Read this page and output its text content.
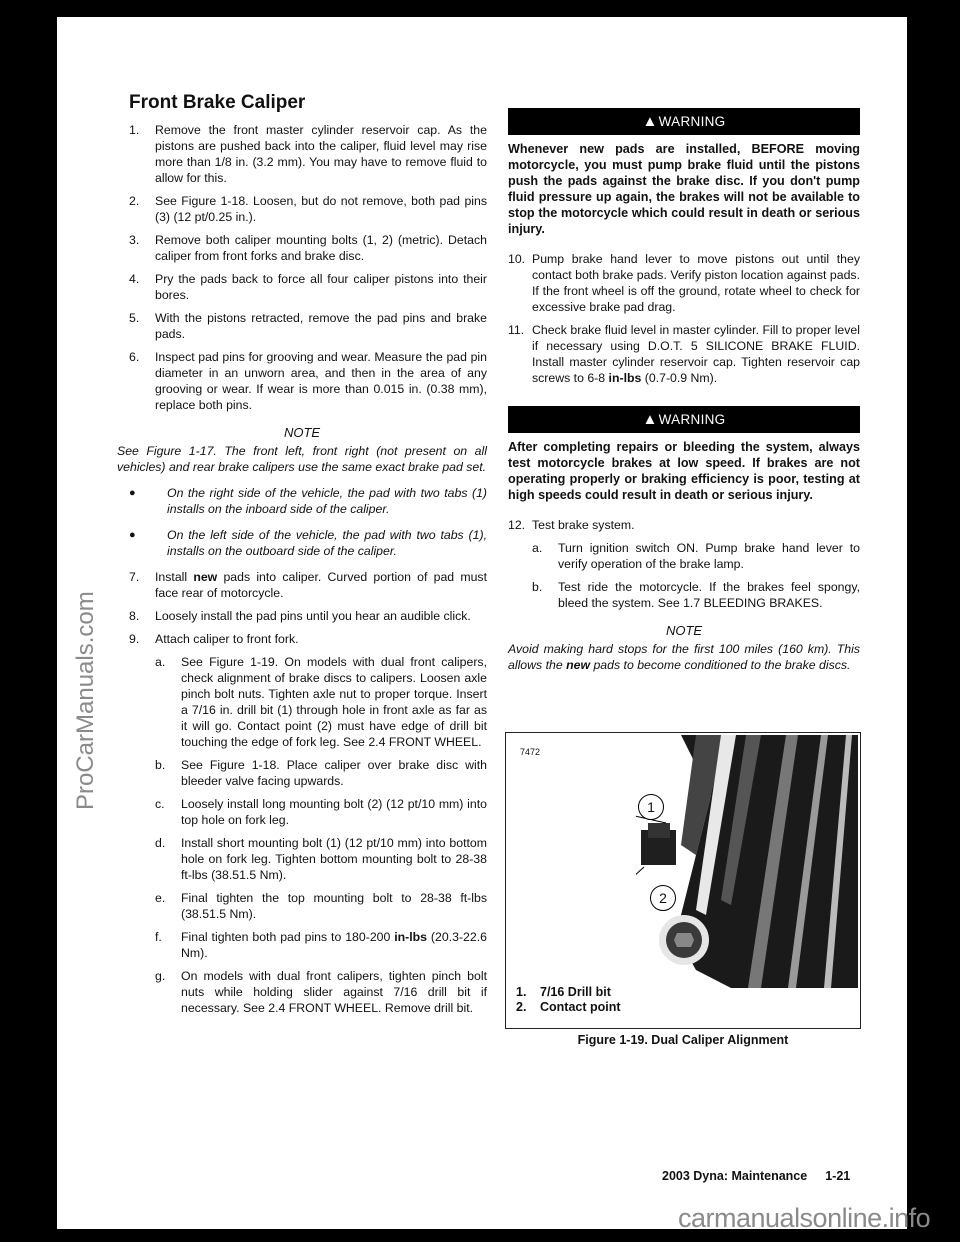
ProCarManuals.com
Front Brake Caliper
1.	Remove the front master cylinder reservoir cap. As the pistons are pushed back into the caliper, fluid level may rise more than 1/8 in. (3.2 mm). You may have to remove fluid to allow for this.
2.	See Figure 1-18. Loosen, but do not remove, both pad pins (3) (12 pt/0.25 in.).
3.	Remove both caliper mounting bolts (1, 2) (metric). Detach caliper from front forks and brake disc.
4.	Pry the pads back to force all four caliper pistons into their bores.
5.	With the pistons retracted, remove the pad pins and brake pads.
6.	Inspect pad pins for grooving and wear. Measure the pad pin diameter in an unworn area, and then in the area of any grooving or wear. If wear is more than 0.015 in. (0.38 mm), replace both pins.
NOTE
See Figure 1-17. The front left, front right (not present on all vehicles) and rear brake calipers use the same exact brake pad set.
●	On the right side of the vehicle, the pad with two tabs (1) installs on the inboard side of the caliper.
●	On the left side of the vehicle, the pad with two tabs (1), installs on the outboard side of the caliper.
7.	Install new pads into caliper. Curved portion of pad must face rear of motorcycle.
8.	Loosely install the pad pins until you hear an audible click.
9.	Attach caliper to front fork.
a.	See Figure 1-19. On models with dual front calipers, check alignment of brake discs to calipers. Loosen axle pinch bolt nuts. Tighten axle nut to proper torque. Insert a 7/16 in. drill bit (1) through hole in front axle as far as it will go. Contact point (2) must have edge of drill bit touching the edge of fork leg. See 2.4 FRONT WHEEL.
b.	See Figure 1-18. Place caliper over brake disc with bleeder valve facing upwards.
c.	Loosely install long mounting bolt (2) (12 pt/10 mm) into top hole on fork leg.
d.	Install short mounting bolt (1) (12 pt/10 mm) into bottom hole on fork leg. Tighten bottom mounting bolt to 28-38 ft-lbs (38.51.5 Nm).
e.	Final tighten the top mounting bolt to 28-38 ft-lbs (38.51.5 Nm).
f.	Final tighten both pad pins to 180-200 in-lbs (20.3-22.6 Nm).
g.	On models with dual front calipers, tighten pinch bolt nuts while holding slider against 7/16 drill bit if necessary. See 2.4 FRONT WHEEL. Remove drill bit.
▲WARNING
Whenever new pads are installed, BEFORE moving motorcycle, you must pump brake fluid until the pistons push the pads against the brake disc. If you don't pump fluid pressure up again, the brakes will not be available to stop the motorcycle which could result in death or serious injury.
10. Pump brake hand lever to move pistons out until they contact both brake pads. Verify piston location against pads. If the front wheel is off the ground, rotate wheel to check for excessive brake pad drag.
11. Check brake fluid level in master cylinder. Fill to proper level if necessary using D.O.T. 5 SILICONE BRAKE FLUID. Install master cylinder reservoir cap. Tighten reservoir cap screws to 6-8 in-lbs (0.7-0.9 Nm).
▲WARNING
After completing repairs or bleeding the system, always test motorcycle brakes at low speed. If brakes are not operating properly or braking efficiency is poor, testing at high speeds could result in death or serious injury.
12. Test brake system.
a.	Turn ignition switch ON. Pump brake hand lever to verify operation of the brake lamp.
b.	Test ride the motorcycle. If the brakes feel spongy, bleed the system. See 1.7 BLEEDING BRAKES.
NOTE
Avoid making hard stops for the first 100 miles (160 km). This allows the new pads to become conditioned to the brake discs.
7472
1
2
1. 7/16 Drill bit
2. Contact point
Figure 1-19. Dual Caliper Alignment
2003 Dyna: Maintenance 1-21
carmanualsonline.info
